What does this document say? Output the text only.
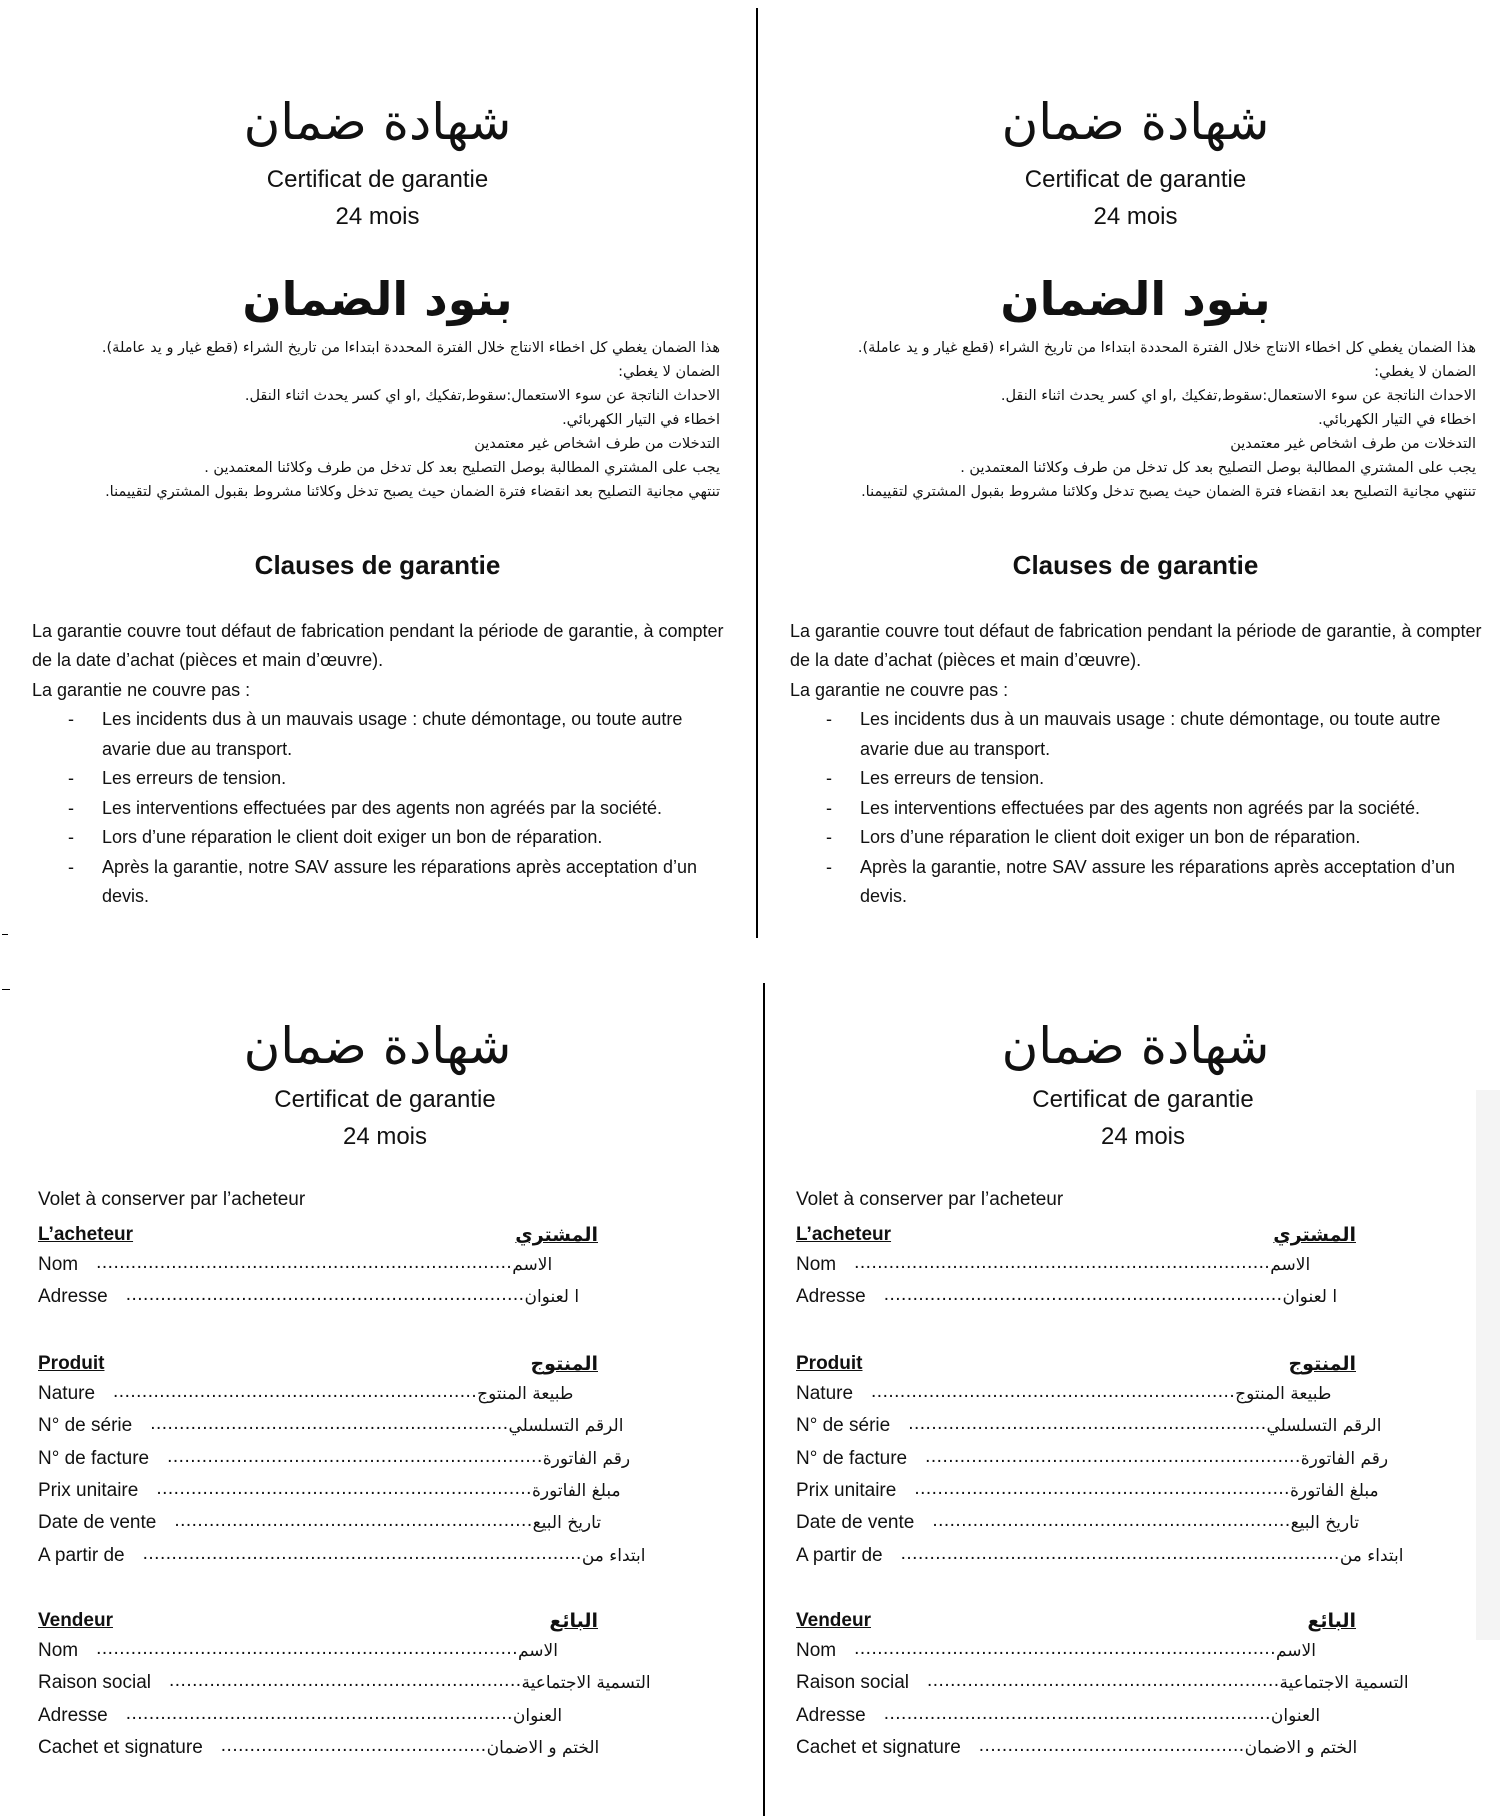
شهادة ضمان
Certificat de garantie
24 mois
بنود الضمان
هذا الضمان يغطي كل اخطاء الانتاج خلال الفترة المحددة ابتداءا من تاريخ الشراء (قطع غيار و يد عاملة).
الضمان لا يغطي:
الاحداث الناتجة عن سوء الاستعمال:سقوط,تفكيك ,او اي كسر يحدث اثناء النقل.
اخطاء في التيار الكهربائي.
التدخلات من طرف اشخاص غير معتمدين
يجب على المشتري المطالبة بوصل التصليح بعد كل تدخل من طرف وكلائنا المعتمدين .
تنتهي مجانية التصليح بعد انقضاء فترة الضمان حيث يصبح تدخل وكلائنا مشروط بقبول المشتري لتقييمنا.
Clauses de garantie

La garantie couvre tout défaut de fabrication pendant la période de garantie, à compter de la date d’achat (pièces et main d’œuvre).

La garantie ne couvre pas :

- Les incidents dus à un mauvais usage : chute démontage, ou toute autre avarie due au transport.
- Les erreurs de tension.
- Les interventions effectuées par des agents non agréés par la société.
- Lors d’une réparation le client doit exiger un bon de réparation.
- Après la garantie, notre SAV assure les réparations après acceptation d’un devis.
شهادة ضمان
Certificat de garantie
24 mois
بنود الضمان
هذا الضمان يغطي كل اخطاء الانتاج خلال الفترة المحددة ابتداءا من تاريخ الشراء (قطع غيار و يد عاملة).
الضمان لا يغطي:
الاحداث الناتجة عن سوء الاستعمال:سقوط,تفكيك ,او اي كسر يحدث اثناء النقل.
اخطاء في التيار الكهربائي.
التدخلات من طرف اشخاص غير معتمدين
يجب على المشتري المطالبة بوصل التصليح بعد كل تدخل من طرف وكلائنا المعتمدين .
تنتهي مجانية التصليح بعد انقضاء فترة الضمان حيث يصبح تدخل وكلائنا مشروط بقبول المشتري لتقييمنا.
Clauses de garantie

La garantie couvre tout défaut de fabrication pendant la période de garantie, à compter de la date d’achat (pièces et main d’œuvre).

La garantie ne couvre pas :

- Les incidents dus à un mauvais usage : chute démontage, ou toute autre avarie due au transport.
- Les erreurs de tension.
- Les interventions effectuées par des agents non agréés par la société.
- Lors d’une réparation le client doit exiger un bon de réparation.
- Après la garantie, notre SAV assure les réparations après acceptation d’un devis.
شهادة ضمان
Certificat de garantie
24 mois
Volet à conserver par l’acheteur
L’acheteur	المشتري
Nom ........................................................................ الاسم
Adresse ..................................................................... ا لعنوان
Produit	المنتوج
Nature ............................................................... طبيعة المنتوج
N° de série .............................................................. الرقم التسلسلي
N° de facture ................................................................. رقم الفاتورة
Prix unitaire ................................................................. مبلغ الفاتورة
Date de vente .............................................................. تاريخ البيع
A partir de ............................................................................ ابتداء من
Vendeur	البائع
Nom ......................................................................... الاسم
Raison social ............................................................. التسمية الاجتماعية
Adresse ................................................................... العنوان
Cachet et signature .............................................. الختم و الاضمان
شهادة ضمان
Certificat de garantie
24 mois
Volet à conserver par l’acheteur
L’acheteur	المشتري
Nom ........................................................................ الاسم
Adresse ..................................................................... ا لعنوان
Produit	المنتوج
Nature ............................................................... طبيعة المنتوج
N° de série .............................................................. الرقم التسلسلي
N° de facture ................................................................. رقم الفاتورة
Prix unitaire ................................................................. مبلغ الفاتورة
Date de vente .............................................................. تاريخ البيع
A partir de ............................................................................ ابتداء من
Vendeur	البائع
Nom ......................................................................... الاسم
Raison social ............................................................. التسمية الاجتماعية
Adresse ................................................................... العنوان
Cachet et signature .............................................. الختم و الاضمان
